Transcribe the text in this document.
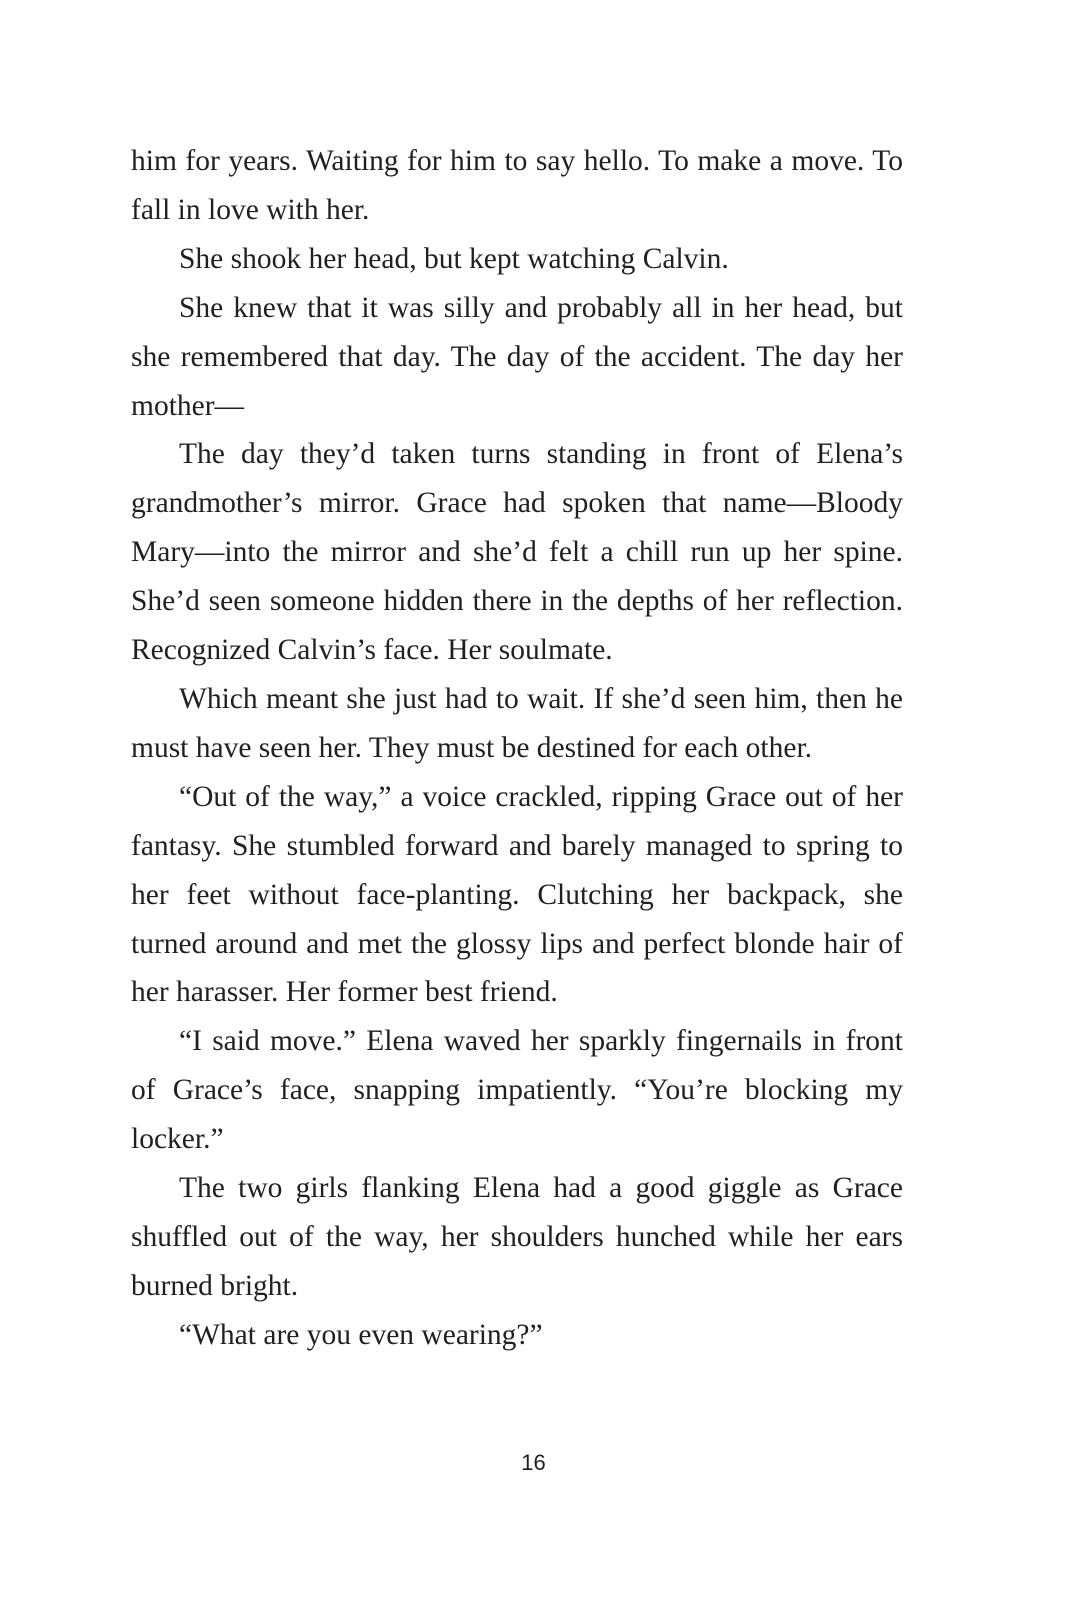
him for years. Waiting for him to say hello. To make a move. To fall in love with her.

She shook her head, but kept watching Calvin.

She knew that it was silly and probably all in her head, but she remembered that day. The day of the accident. The day her mother—

The day they’d taken turns standing in front of Elena’s grandmother’s mirror. Grace had spoken that name—Bloody Mary—into the mirror and she’d felt a chill run up her spine. She’d seen someone hidden there in the depths of her reflection. Recognized Calvin’s face. Her soulmate.

Which meant she just had to wait. If she’d seen him, then he must have seen her. They must be destined for each other.

“Out of the way,” a voice crackled, ripping Grace out of her fantasy. She stumbled forward and barely managed to spring to her feet without face-planting. Clutching her backpack, she turned around and met the glossy lips and perfect blonde hair of her harasser. Her former best friend.

“I said move.” Elena waved her sparkly fingernails in front of Grace’s face, snapping impatiently. “You’re blocking my locker.”

The two girls flanking Elena had a good giggle as Grace shuffled out of the way, her shoulders hunched while her ears burned bright.

“What are you even wearing?”

16
